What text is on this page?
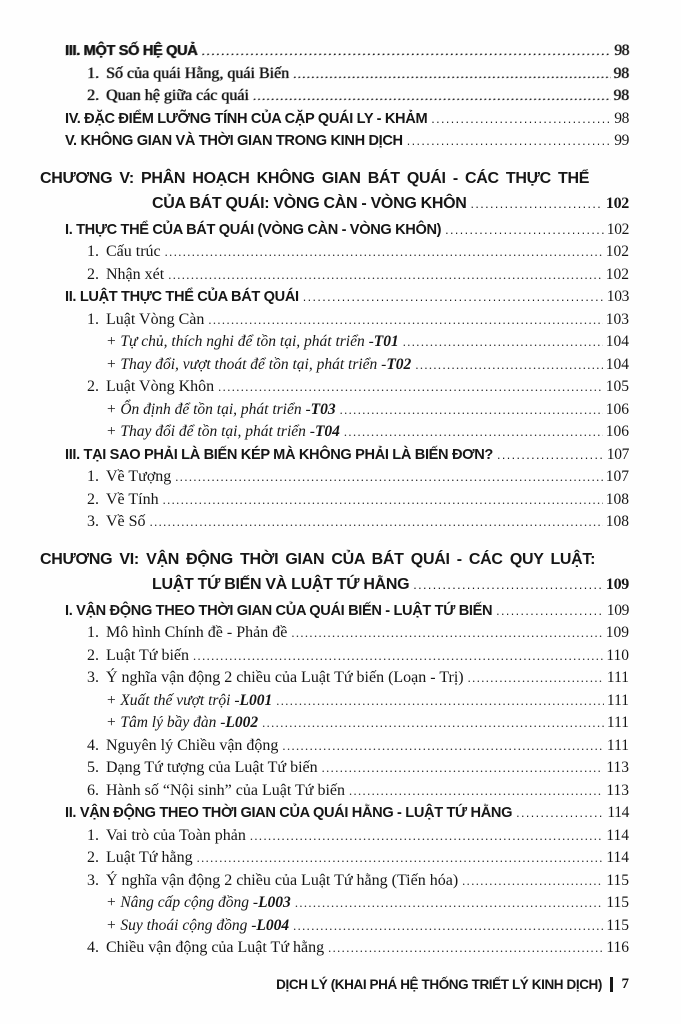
III. MỘT SỐ HỆ QUẢ .....	98
1. Số của quái Hằng, quái Biến .....	98
2. Quan hệ giữa các quái .....	98
IV. ĐẶC ĐIỂM LƯỠNG TÍNH CỦA CẶP QUÁI LY - KHẢM .....	98
V. KHÔNG GIAN VÀ THỜI GIAN TRONG KINH DỊCH .....	99
CHƯƠNG V: PHÂN HOẠCH KHÔNG GIAN BÁT QUÁI - CÁC THỰC THỂ
CỦA BÁT QUÁI: VÒNG CÀN - VÒNG KHÔN .....	102
I. THỰC THỂ CỦA BÁT QUÁI (VÒNG CÀN - VÒNG KHÔN) .....	102
1. Cấu trúc .....	102
2. Nhận xét .....	102
II. LUẬT THỰC THỂ CỦA BÁT QUÁI .....	103
1. Luật Vòng Càn .....	103
+ Tự chủ, thích nghi để tồn tại, phát triển - T01 .....	104
+ Thay đổi, vượt thoát để tồn tại, phát triển - T02 .....	104
2. Luật Vòng Khôn .....	105
+ Ổn định để tồn tại, phát triển - T03 .....	106
+ Thay đổi để tồn tại, phát triển - T04 .....	106
III. TẠI SAO PHẢI LÀ BIẾN KÉP MÀ KHÔNG PHẢI LÀ BIẾN ĐƠN? .....	107
1. Về Tượng .....	107
2. Về Tính .....	108
3. Về Số .....	108
CHƯƠNG VI: VẬN ĐỘNG THỜI GIAN CỦA BÁT QUÁI - CÁC QUY LUẬT:
LUẬT TỨ BIẾN VÀ LUẬT TỨ HẰNG .....	109
I. VẬN ĐỘNG THEO THỜI GIAN CỦA QUÁI BIẾN - LUẬT TỨ BIẾN .....	109
1. Mô hình Chính đề - Phản đề .....	109
2. Luật Tứ biến .....	110
3. Ý nghĩa vận động 2 chiều của Luật Tứ biến (Loạn - Trị) .....	111
+ Xuất thế vượt trội - L001 .....	111
+ Tâm lý bầy đàn - L002 .....	111
4. Nguyên lý Chiều vận động .....	111
5. Dạng Tứ tượng của Luật Tứ biến .....	113
6. Hành số “Nội sinh” của Luật Tứ biến .....	113
II. VẬN ĐỘNG THEO THỜI GIAN CỦA QUÁI HẰNG - LUẬT TỨ HẰNG .....	114
1. Vai trò của Toàn phản .....	114
2. Luật Tứ hằng .....	114
3. Ý nghĩa vận động 2 chiều của Luật Tứ hằng (Tiến hóa) .....	115
+ Nâng cấp cộng đồng - L003 .....	115
+ Suy thoái cộng đồng - L004 .....	115
4. Chiều vận động của Luật Tứ hằng .....	116
DỊCH LÝ (KHAI PHÁ HỆ THỐNG TRIẾT LÝ KINH DỊCH) 7
